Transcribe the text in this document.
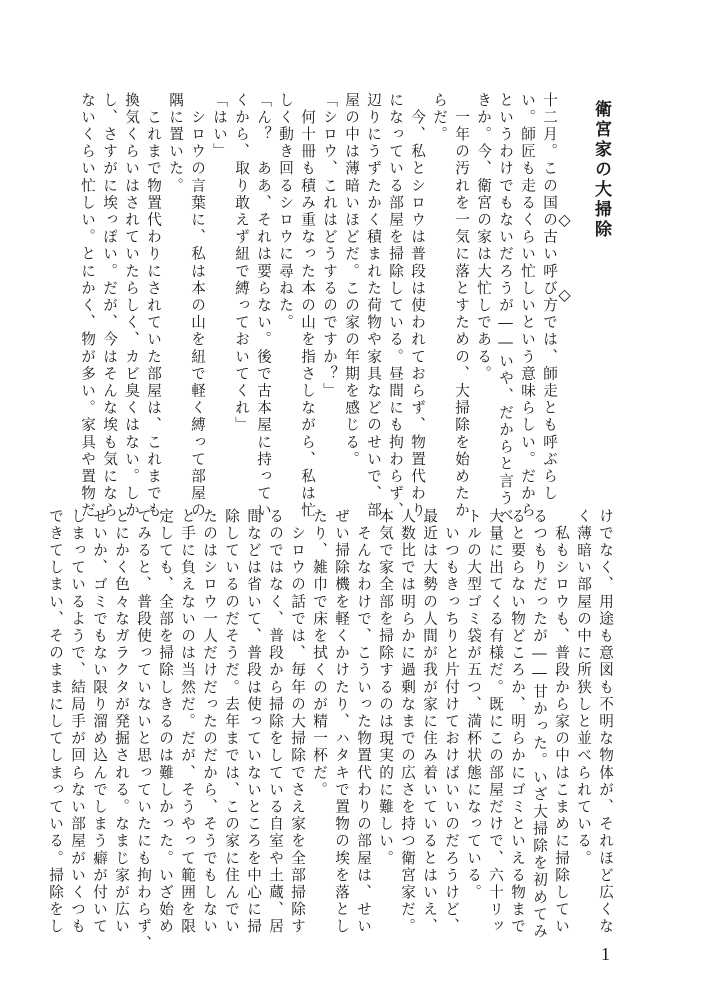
衛宮家の大掃除
◇　◇
十二月。この国の古い呼び方では、師走とも呼ぶらし
い。師匠も走るくらい忙しいという意味らしい。だから
というわけでもないだろうが――いや、だからと言うべ
きか。今、衛宮の家は大忙しである。
　一年の汚れを一気に落とすための、大掃除を始めたか
らだ。
　今、私とシロウは普段は使われておらず、物置代わり
になっている部屋を掃除している。昼間にも拘わらず、
辺りにうずたかく積まれた荷物や家具などのせいで、部
屋の中は薄暗いほどだ。この家の年期を感じる。
「シロウ、これはどうするのですか？」
　何十冊も積み重なった本の山を指さしながら、私は忙
しく動き回るシロウに尋ねた。
「ん？　ああ、それは要らない。後で古本屋に持ってい
くから、取り敢えず紐で縛っておいてくれ」
「はい」
　シロウの言葉に、私は本の山を紐で軽く縛って部屋の
隅に置いた。
　これまで物置代わりにされていた部屋は、これまでも
換気くらいはされていたらしく、カビ臭くはない。しか
し、さすがに埃っぽい。だが、今はそんな埃も気になら
ないくらい忙しい。とにかく、物が多い。家具や置物だ
けでなく、用途も意図も不明な物体が、それほど広くな
く薄暗い部屋の中に所狭しと並べられている。
　私もシロウも、普段から家の中はこまめに掃除してい
るつもりだったが――甘かった。いざ大掃除を初めてみ
ると要らない物どころか、明らかにゴミといえる物まで
大量に出てくる有様だ。既にこの部屋だけで、六十リッ
トルの大型ゴミ袋が五つ、満杯状態になっている。
　いつもきっちりと片付けておけばいいのだろうけど、
最近は大勢の人間が我が家に住み着いているとはいえ、
人数比では明らかに過剰なまでの広さを持つ衛宮家だ。
本気で家全部を掃除するのは現実的に難しい。
　そんなわけで、こういった物置代わりの部屋は、せい
ぜい掃除機を軽くかけたり、ハタキで置物の埃を落とし
たり、雑巾で床を拭くのが精一杯だ。
　シロウの話では、毎年の大掃除でさえ家を全部掃除す
るのではなく、普段から掃除をしている自室や土蔵、居
間などは省いて、普段は使っていないところを中心に掃
除しているのだそうだ。去年までは、この家に住んでい
たのはシロウ一人だけだったのだから、そうでもしない
と手に負えないのは当然だ。だが、そうやって範囲を限
定しても、全部を掃除しきるのは難しかった。いざ始め
てみると、普段使っていないと思っていたにも拘わらず、
とにかく色々なガラクタが発掘される。なまじ家が広い
せいか、ゴミでもない限り溜め込んでしまう癖が付いて
しまっているようで、結局手が回らない部屋がいくつも
できてしまい、そのままにしてしまっている。掃除をし
1
